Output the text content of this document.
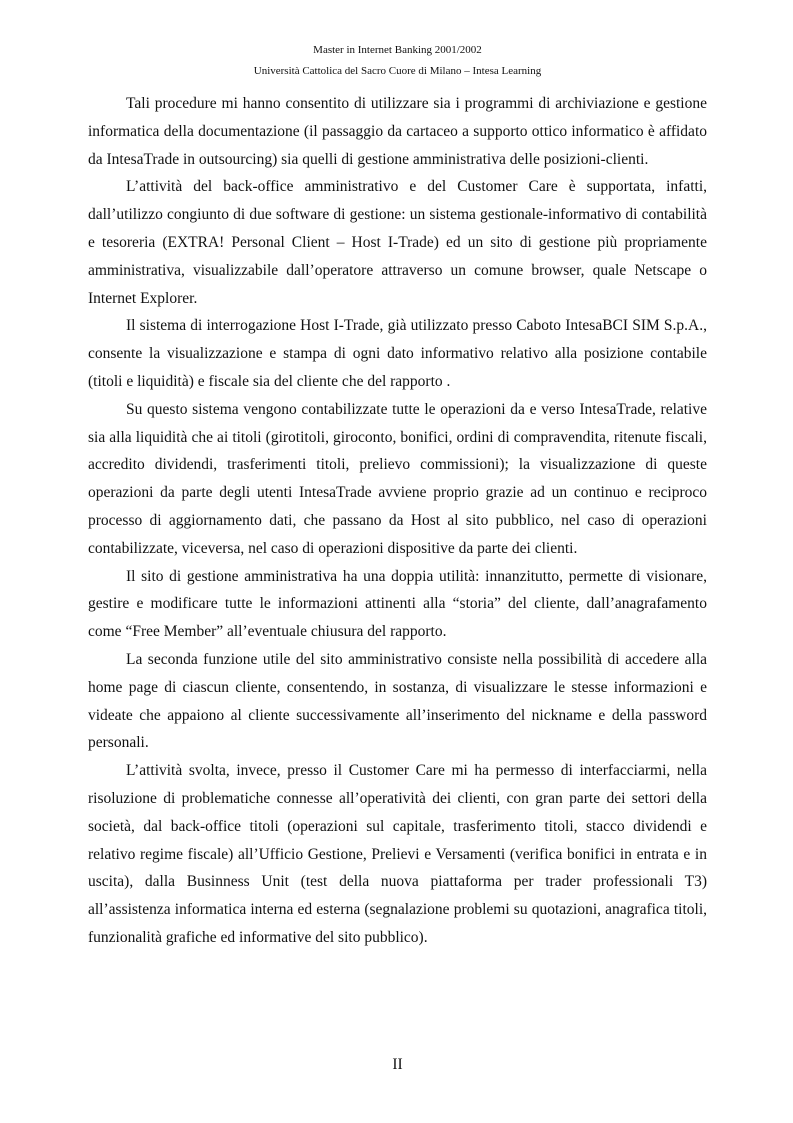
Master in Internet Banking 2001/2002
Università Cattolica del Sacro Cuore di Milano – Intesa Learning

Tali procedure mi hanno consentito di utilizzare sia i programmi di archiviazione e gestione informatica della documentazione (il passaggio da cartaceo a supporto ottico informatico è affidato da IntesaTrade in outsourcing) sia quelli di gestione amministrativa delle posizioni-clienti.

L’attività del back-office amministrativo e del Customer Care è supportata, infatti, dall’utilizzo congiunto di due software di gestione: un sistema gestionale-informativo di contabilità e tesoreria (EXTRA! Personal Client – Host I-Trade) ed un sito di gestione più propriamente amministrativa, visualizzabile dall’operatore attraverso un comune browser, quale Netscape o Internet Explorer.

Il sistema di interrogazione Host I-Trade, già utilizzato presso Caboto IntesaBCI SIM S.p.A., consente la visualizzazione e stampa di ogni dato informativo relativo alla posizione contabile (titoli e liquidità) e fiscale sia del cliente che del rapporto .

Su questo sistema vengono contabilizzate tutte le operazioni da e verso IntesaTrade, relative sia alla liquidità che ai titoli (girotitoli, giroconto, bonifici, ordini di compravendita, ritenute fiscali, accredito dividendi, trasferimenti titoli, prelievo commissioni); la visualizzazione di queste operazioni da parte degli utenti IntesaTrade avviene proprio grazie ad un continuo e reciproco processo di aggiornamento dati, che passano da Host al sito pubblico, nel caso di operazioni contabilizzate, viceversa, nel caso di operazioni dispositive da parte dei clienti.

Il sito di gestione amministrativa ha una doppia utilità: innanzitutto, permette di visionare, gestire e modificare tutte le informazioni attinenti alla “storia” del cliente, dall’anagrafamento come “Free Member” all’eventuale chiusura del rapporto.

La seconda funzione utile del sito amministrativo consiste nella possibilità di accedere alla home page di ciascun cliente, consentendo, in sostanza, di visualizzare le stesse informazioni e videate che appaiono al cliente successivamente all’inserimento del nickname e della password personali.

L’attività svolta, invece, presso il Customer Care mi ha permesso di interfacciarmi, nella risoluzione di problematiche connesse all’operatività dei clienti, con gran parte dei settori della società, dal back-office titoli (operazioni sul capitale, trasferimento titoli, stacco dividendi e relativo regime fiscale) all’Ufficio Gestione, Prelievi e Versamenti (verifica bonifici in entrata e in uscita), dalla Businness Unit (test della nuova piattaforma per trader professionali T3) all’assistenza informatica interna ed esterna (segnalazione problemi su quotazioni, anagrafica titoli, funzionalità grafiche ed informative del sito pubblico).

II
